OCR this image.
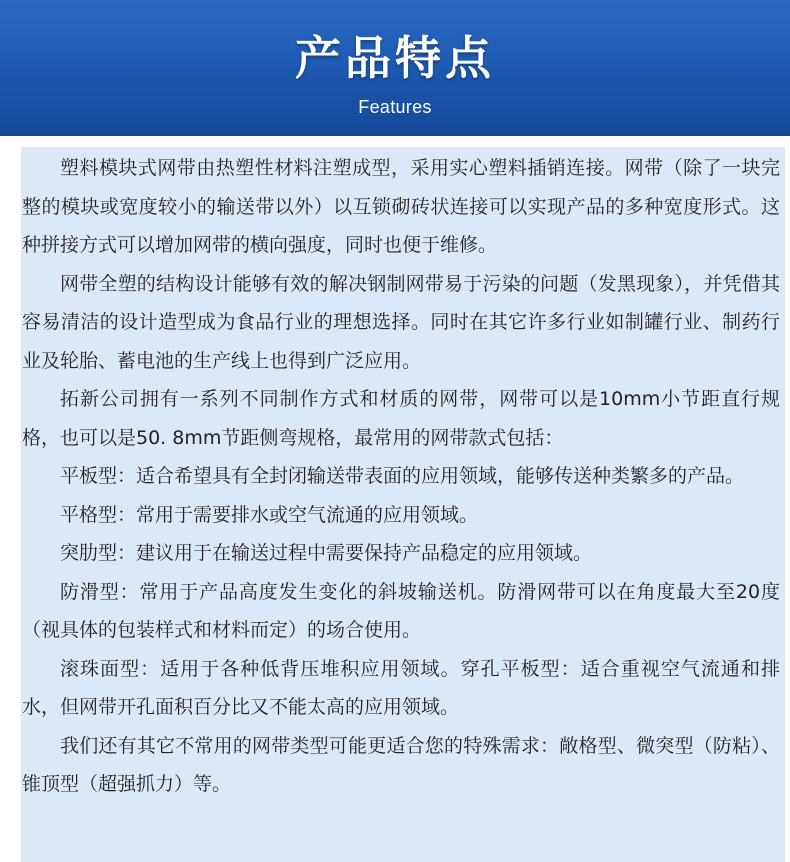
产品特点
Features

塑料模块式网带由热塑性材料注塑成型，采用实心塑料插销连接。网带（除了一块完整的模块或宽度较小的输送带以外）以互锁砌砖状连接可以实现产品的多种宽度形式。这种拼接方式可以增加网带的横向强度，同时也便于维修。

网带全塑的结构设计能够有效的解决钢制网带易于污染的问题（发黑现象），并凭借其容易清洁的设计造型成为食品行业的理想选择。同时在其它许多行业如制罐行业、制药行业及轮胎、蓄电池的生产线上也得到广泛应用。

拓新公司拥有一系列不同制作方式和材质的网带，网带可以是10mm小节距直行规格，也可以是50. 8mm节距侧弯规格，最常用的网带款式包括：

平板型：适合希望具有全封闭输送带表面的应用领域，能够传送种类繁多的产品。

平格型：常用于需要排水或空气流通的应用领域。

突肋型：建议用于在输送过程中需要保持产品稳定的应用领域。

防滑型：常用于产品高度发生变化的斜坡输送机。防滑网带可以在角度最大至20度（视具体的包装样式和材料而定）的场合使用。

滚珠面型：适用于各种低背压堆积应用领域。穿孔平板型：适合重视空气流通和排水，但网带开孔面积百分比又不能太高的应用领域。

我们还有其它不常用的网带类型可能更适合您的特殊需求：敞格型、微突型（防粘）、锥顶型（超强抓力）等。
